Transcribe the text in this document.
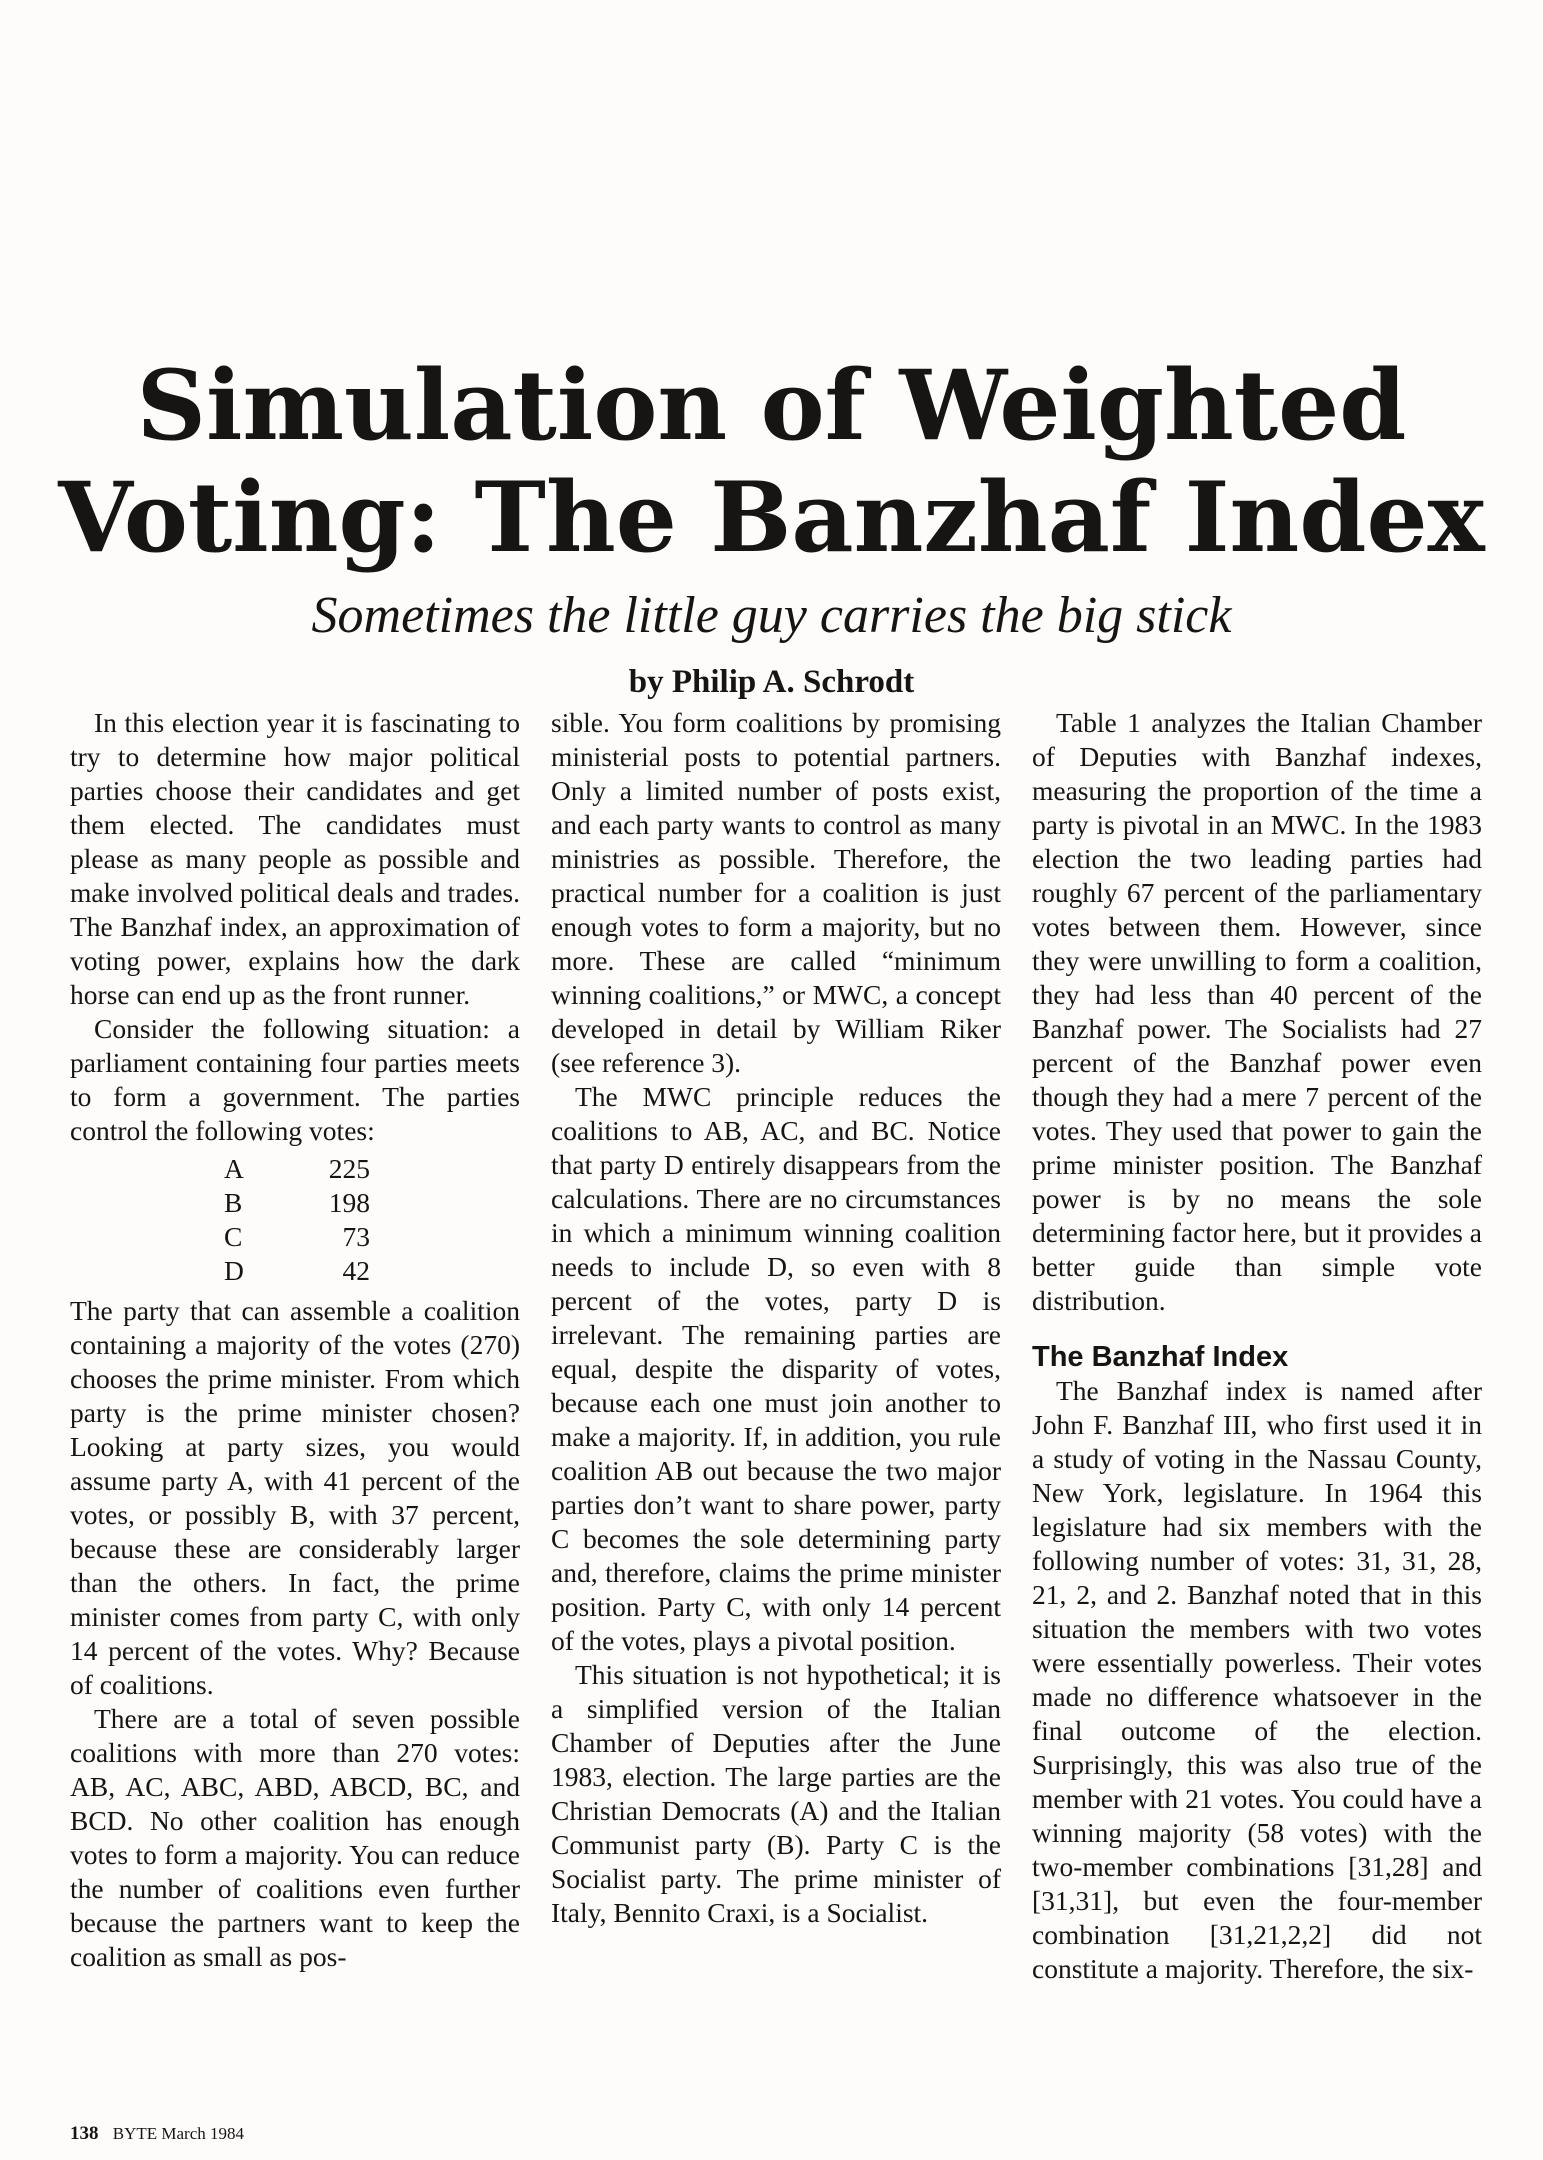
Simulation of Weighted
Voting: The Banzhaf Index

Sometimes the little guy carries the big stick

by Philip A. Schrodt

In this election year it is fascinating to try to determine how major political parties choose their candidates and get them elected. The candidates must please as many people as possible and make involved political deals and trades. The Banzhaf index, an approximation of voting power, explains how the dark horse can end up as the front runner.

Consider the following situation: a parliament containing four parties meets to form a government. The parties control the following votes:

A	225
B	198
C	73
D	42

The party that can assemble a coalition containing a majority of the votes (270) chooses the prime minister. From which party is the prime minister chosen? Looking at party sizes, you would assume party A, with 41 percent of the votes, or possibly B, with 37 percent, because these are considerably larger than the others. In fact, the prime minister comes from party C, with only 14 percent of the votes. Why? Because of coalitions.

There are a total of seven possible coalitions with more than 270 votes: AB, AC, ABC, ABD, ABCD, BC, and BCD. No other coalition has enough votes to form a majority. You can reduce the number of coalitions even further because the partners want to keep the coalition as small as pos-

sible. You form coalitions by promising ministerial posts to potential partners. Only a limited number of posts exist, and each party wants to control as many ministries as possible. Therefore, the practical number for a coalition is just enough votes to form a majority, but no more. These are called “minimum winning coalitions,” or MWC, a concept developed in detail by William Riker (see reference 3).

The MWC principle reduces the coalitions to AB, AC, and BC. Notice that party D entirely disappears from the calculations. There are no circumstances in which a minimum winning coalition needs to include D, so even with 8 percent of the votes, party D is irrelevant. The remaining parties are equal, despite the disparity of votes, because each one must join another to make a majority. If, in addition, you rule coalition AB out because the two major parties don’t want to share power, party C becomes the sole determining party and, therefore, claims the prime minister position. Party C, with only 14 percent of the votes, plays a pivotal position.

This situation is not hypothetical; it is a simplified version of the Italian Chamber of Deputies after the June 1983, election. The large parties are the Christian Democrats (A) and the Italian Communist party (B). Party C is the Socialist party. The prime minister of Italy, Bennito Craxi, is a Socialist.

Table 1 analyzes the Italian Chamber of Deputies with Banzhaf indexes, measuring the proportion of the time a party is pivotal in an MWC. In the 1983 election the two leading parties had roughly 67 percent of the parliamentary votes between them. However, since they were unwilling to form a coalition, they had less than 40 percent of the Banzhaf power. The Socialists had 27 percent of the Banzhaf power even though they had a mere 7 percent of the votes. They used that power to gain the prime minister position. The Banzhaf power is by no means the sole determining factor here, but it provides a better guide than simple vote distribution.

The Banzhaf Index

The Banzhaf index is named after John F. Banzhaf III, who first used it in a study of voting in the Nassau County, New York, legislature. In 1964 this legislature had six members with the following number of votes: 31, 31, 28, 21, 2, and 2. Banzhaf noted that in this situation the members with two votes were essentially powerless. Their votes made no difference whatsoever in the final outcome of the election. Surprisingly, this was also true of the member with 21 votes. You could have a winning majority (58 votes) with the two-member combinations [31,28] and [31,31], but even the four-member combination [31,21,2,2] did not constitute a majority. Therefore, the six-

138 BYTE March 1984
